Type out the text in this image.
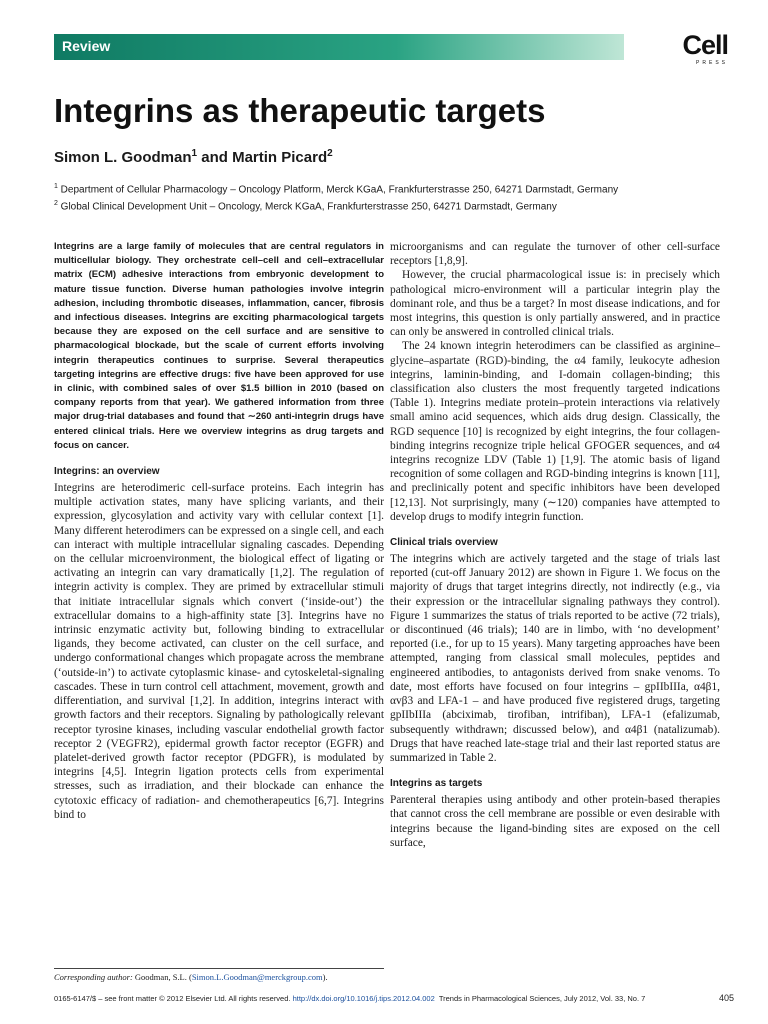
Review	Cell
PRESS
Integrins as therapeutic targets

Simon L. Goodman$^1$ and Martin Picard$^2$

$^1$ Department of Cellular Pharmacology – Oncology Platform, Merck KGaA, Frankfurterstrasse 250, 64271 Darmstadt, Germany
$^2$ Global Clinical Development Unit – Oncology, Merck KGaA, Frankfurterstrasse 250, 64271 Darmstadt, Germany

Integrins are a large family of molecules that are central regulators in multicellular biology. They orchestrate cell–cell and cell–extracellular matrix (ECM) adhesive interactions from embryonic development to mature tissue function. Diverse human pathologies involve integrin adhesion, including thrombotic diseases, inflammation, cancer, fibrosis and infectious diseases. Integrins are exciting pharmacological targets because they are exposed on the cell surface and are sensitive to pharmacological blockade, but the scale of current efforts involving integrin therapeutics continues to surprise. Several therapeutics targeting integrins are effective drugs: five have been approved for use in clinic, with combined sales of over $1.5 billion in 2010 (based on company reports from that year). We gathered information from three major drug-trial databases and found that ∼260 anti-integrin drugs have entered clinical trials. Here we overview integrins as drug targets and focus on cancer.

Integrins: an overview

Integrins are heterodimeric cell-surface proteins. Each integrin has multiple activation states, many have splicing variants, and their expression, glycosylation and activity vary with cellular context [1]. Many different heterodimers can be expressed on a single cell, and each can interact with multiple intracellular signaling cascades. Depending on the cellular microenvironment, the biological effect of ligating or activating an integrin can vary dramatically [1,2]. The regulation of integrin activity is complex. They are primed by extracellular stimuli that initiate intracellular signals which convert (‘inside-out’) the extracellular domains to a high-affinity state [3]. Integrins have no intrinsic enzymatic activity but, following binding to extracellular ligands, they become activated, can cluster on the cell surface, and undergo conformational changes which propagate across the membrane (‘outside-in’) to activate cytoplasmic kinase- and cytoskeletal-signaling cascades. These in turn control cell attachment, movement, growth and differentiation, and survival [1,2]. In addition, integrins interact with growth factors and their receptors. Signaling by pathologically relevant receptor tyrosine kinases, including vascular endothelial growth factor receptor 2 (VEGFR2), epidermal growth factor receptor (EGFR) and platelet-derived growth factor receptor (PDGFR), is modulated by integrins [4,5]. Integrin ligation protects cells from experimental stresses, such as irradiation, and their blockade can enhance the cytotoxic efficacy of radiation- and chemotherapeutics [6,7]. Integrins bind to

microorganisms and can regulate the turnover of other cell-surface receptors [1,8,9].

However, the crucial pharmacological issue is: in precisely which pathological micro-environment will a particular integrin play the dominant role, and thus be a target? In most disease indications, and for most integrins, this question is only partially answered, and in practice can only be answered in controlled clinical trials.

The 24 known integrin heterodimers can be classified as arginine–glycine–aspartate (RGD)-binding, the α4 family, leukocyte adhesion integrins, laminin-binding, and I-domain collagen-binding; this classification also clusters the most frequently targeted indications (Table 1). Integrins mediate protein–protein interactions via relatively small amino acid sequences, which aids drug design. Classically, the RGD sequence [10] is recognized by eight integrins, the four collagen-binding integrins recognize triple helical GFOGER sequences, and α4 integrins recognize LDV (Table 1) [1,9]. The atomic basis of ligand recognition of some collagen and RGD-binding integrins is known [11], and preclinically potent and specific inhibitors have been developed [12,13]. Not surprisingly, many (∼120) companies have attempted to develop drugs to modify integrin function.

Clinical trials overview

The integrins which are actively targeted and the stage of trials last reported (cut-off January 2012) are shown in Figure 1. We focus on the majority of drugs that target integrins directly, not indirectly (e.g., via their expression or the intracellular signaling pathways they control). Figure 1 summarizes the status of trials reported to be active (72 trials), or discontinued (46 trials); 140 are in limbo, with ‘no development’ reported (i.e., for up to 15 years). Many targeting approaches have been attempted, ranging from classical small molecules, peptides and engineered antibodies, to antagonists derived from snake venoms. To date, most efforts have focused on four integrins – gpIIbIIIa, α4β1, αvβ3 and LFA-1 – and have produced five registered drugs, targeting gpIIbIIIa (abciximab, tirofiban, intrifiban), LFA-1 (efalizumab, subsequently withdrawn; discussed below), and α4β1 (natalizumab). Drugs that have reached late-stage trial and their last reported status are summarized in Table 2.

Integrins as targets

Parenteral therapies using antibody and other protein-based therapies that cannot cross the cell membrane are possible or even desirable with integrins because the ligand-binding sites are exposed on the cell surface,

Corresponding author: Goodman, S.L. (Simon.L.Goodman@merckgroup.com).
0165-6147/$ – see front matter © 2012 Elsevier Ltd. All rights reserved. http://dx.doi.org/10.1016/j.tips.2012.04.002  Trends in Pharmacological Sciences, July 2012, Vol. 33, No. 7	405
